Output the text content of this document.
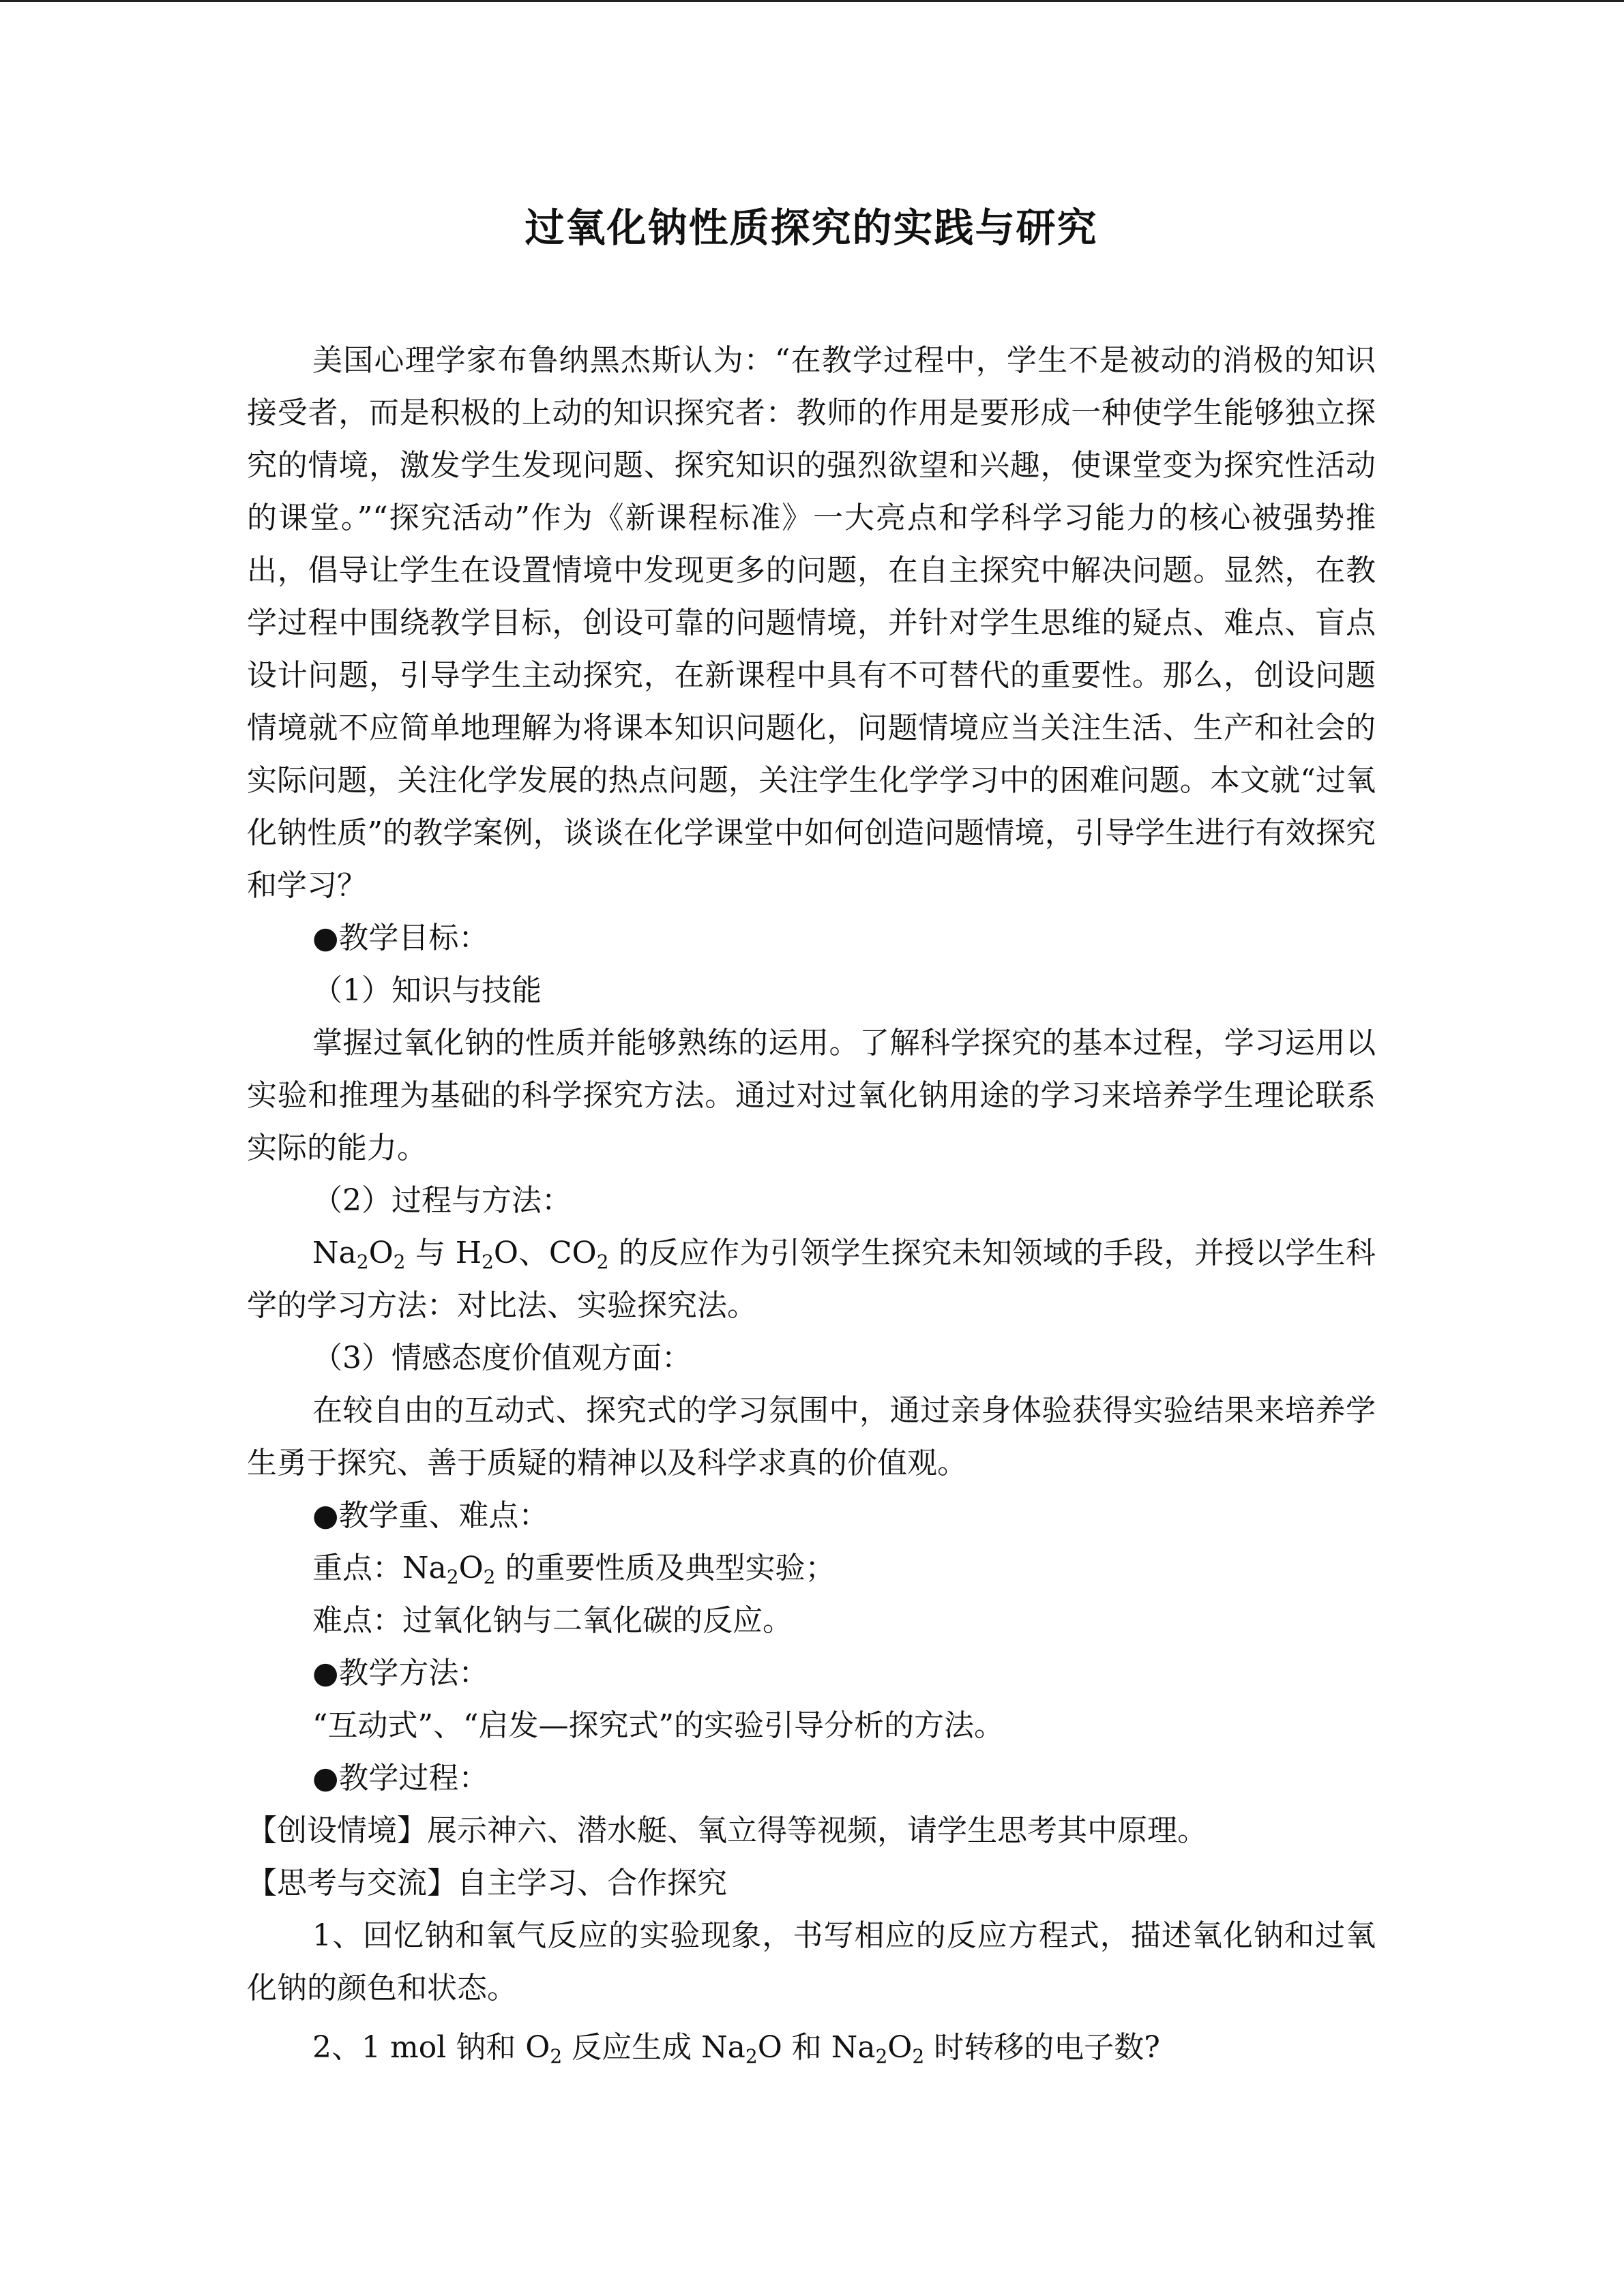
过氧化钠性质探究的实践与研究

美国心理学家布鲁纳黑杰斯认为：“在教学过程中，学生不是被动的消极的知识接受者，而是积极的上动的知识探究者：教师的作用是要形成一种使学生能够独立探究的情境，激发学生发现问题、探究知识的强烈欲望和兴趣，使课堂变为探究性活动的课堂。”“探究活动”作为《新课程标准》一大亮点和学科学习能力的核心被强势推出，倡导让学生在设置情境中发现更多的问题，在自主探究中解决问题。显然，在教学过程中围绕教学目标，创设可靠的问题情境，并针对学生思维的疑点、难点、盲点设计问题，引导学生主动探究，在新课程中具有不可替代的重要性。那么，创设问题情境就不应简单地理解为将课本知识问题化，问题情境应当关注生活、生产和社会的实际问题，关注化学发展的热点问题，关注学生化学学习中的困难问题。本文就“过氧化钠性质”的教学案例，谈谈在化学课堂中如何创造问题情境，引导学生进行有效探究和学习？

●教学目标：

（1）知识与技能

掌握过氧化钠的性质并能够熟练的运用。了解科学探究的基本过程，学习运用以实验和推理为基础的科学探究方法。通过对过氧化钠用途的学习来培养学生理论联系实际的能力。

（2）过程与方法：

$Na_2O_2$ 与 $H_2O$、$CO_2$ 的反应作为引领学生探究未知领域的手段，并授以学生科学的学习方法：对比法、实验探究法。

（3）情感态度价值观方面：

在较自由的互动式、探究式的学习氛围中，通过亲身体验获得实验结果来培养学生勇于探究、善于质疑的精神以及科学求真的价值观。

●教学重、难点：

重点：$Na_2O_2$ 的重要性质及典型实验；

难点：过氧化钠与二氧化碳的反应。

●教学方法：

“互动式”、“启发—探究式”的实验引导分析的方法。

●教学过程：

【创设情境】展示神六、潜水艇、氧立得等视频，请学生思考其中原理。

【思考与交流】自主学习、合作探究

1、回忆钠和氧气反应的实验现象，书写相应的反应方程式，描述氧化钠和过氧化钠的颜色和状态。

2、1 mol 钠和 $O_2$ 反应生成 $Na_2O$ 和 $Na_2O_2$ 时转移的电子数?
